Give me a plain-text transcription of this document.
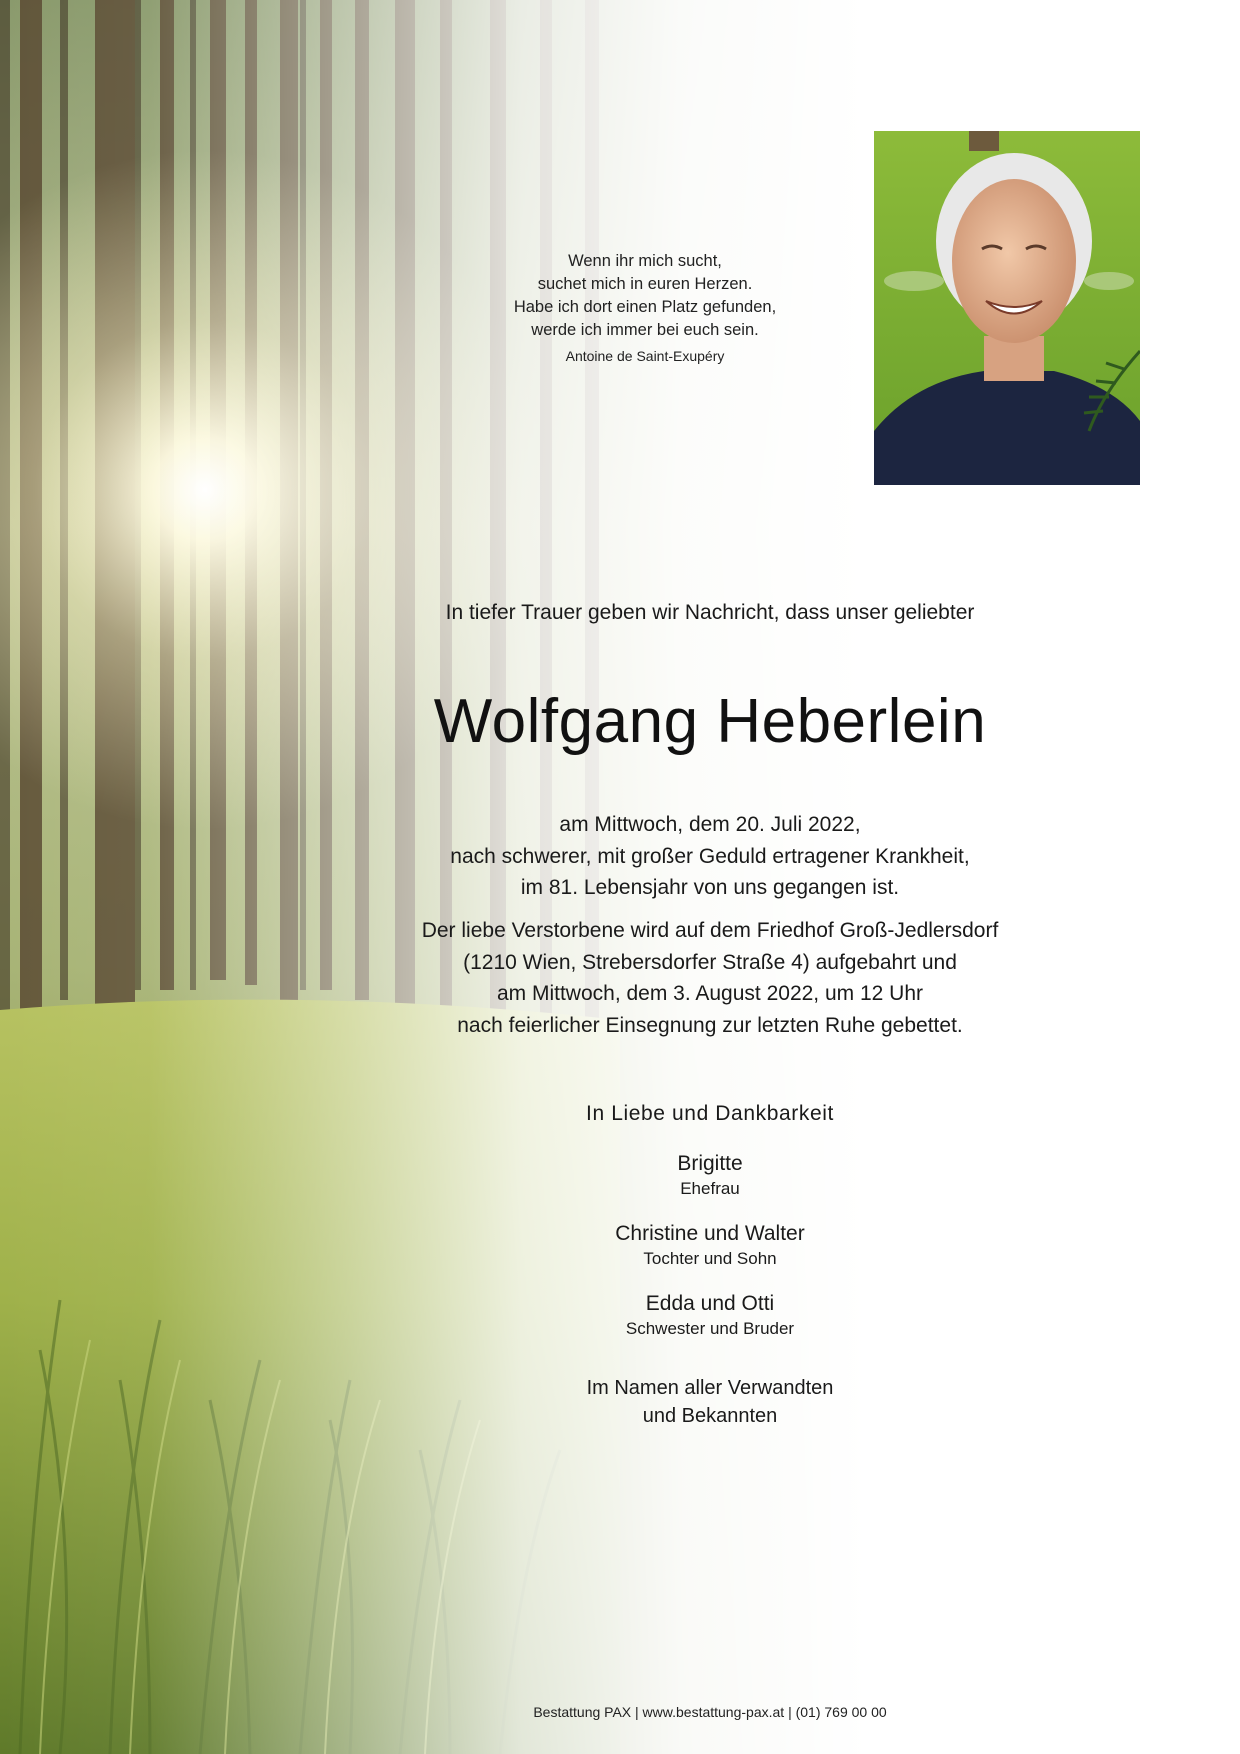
Wenn ihr mich sucht,
suchet mich in euren Herzen.
Habe ich dort einen Platz gefunden,
werde ich immer bei euch sein.
Antoine de Saint-Exupéry
In tiefer Trauer geben wir Nachricht, dass unser geliebter
Wolfgang Heberlein
am Mittwoch, dem 20. Juli 2022,
nach schwerer, mit großer Geduld ertragener Krankheit,
im 81. Lebensjahr von uns gegangen ist.
Der liebe Verstorbene wird auf dem Friedhof Groß-Jedlersdorf
(1210 Wien, Strebersdorfer Straße 4) aufgebahrt und
am Mittwoch, dem 3. August 2022, um 12 Uhr
nach feierlicher Einsegnung zur letzten Ruhe gebettet.
In Liebe und Dankbarkeit
Brigitte
Ehefrau
Christine und Walter
Tochter und Sohn
Edda und Otti
Schwester und Bruder
Im Namen aller Verwandten
und Bekannten
Bestattung PAX | www.bestattung-pax.at | (01) 769 00 00
